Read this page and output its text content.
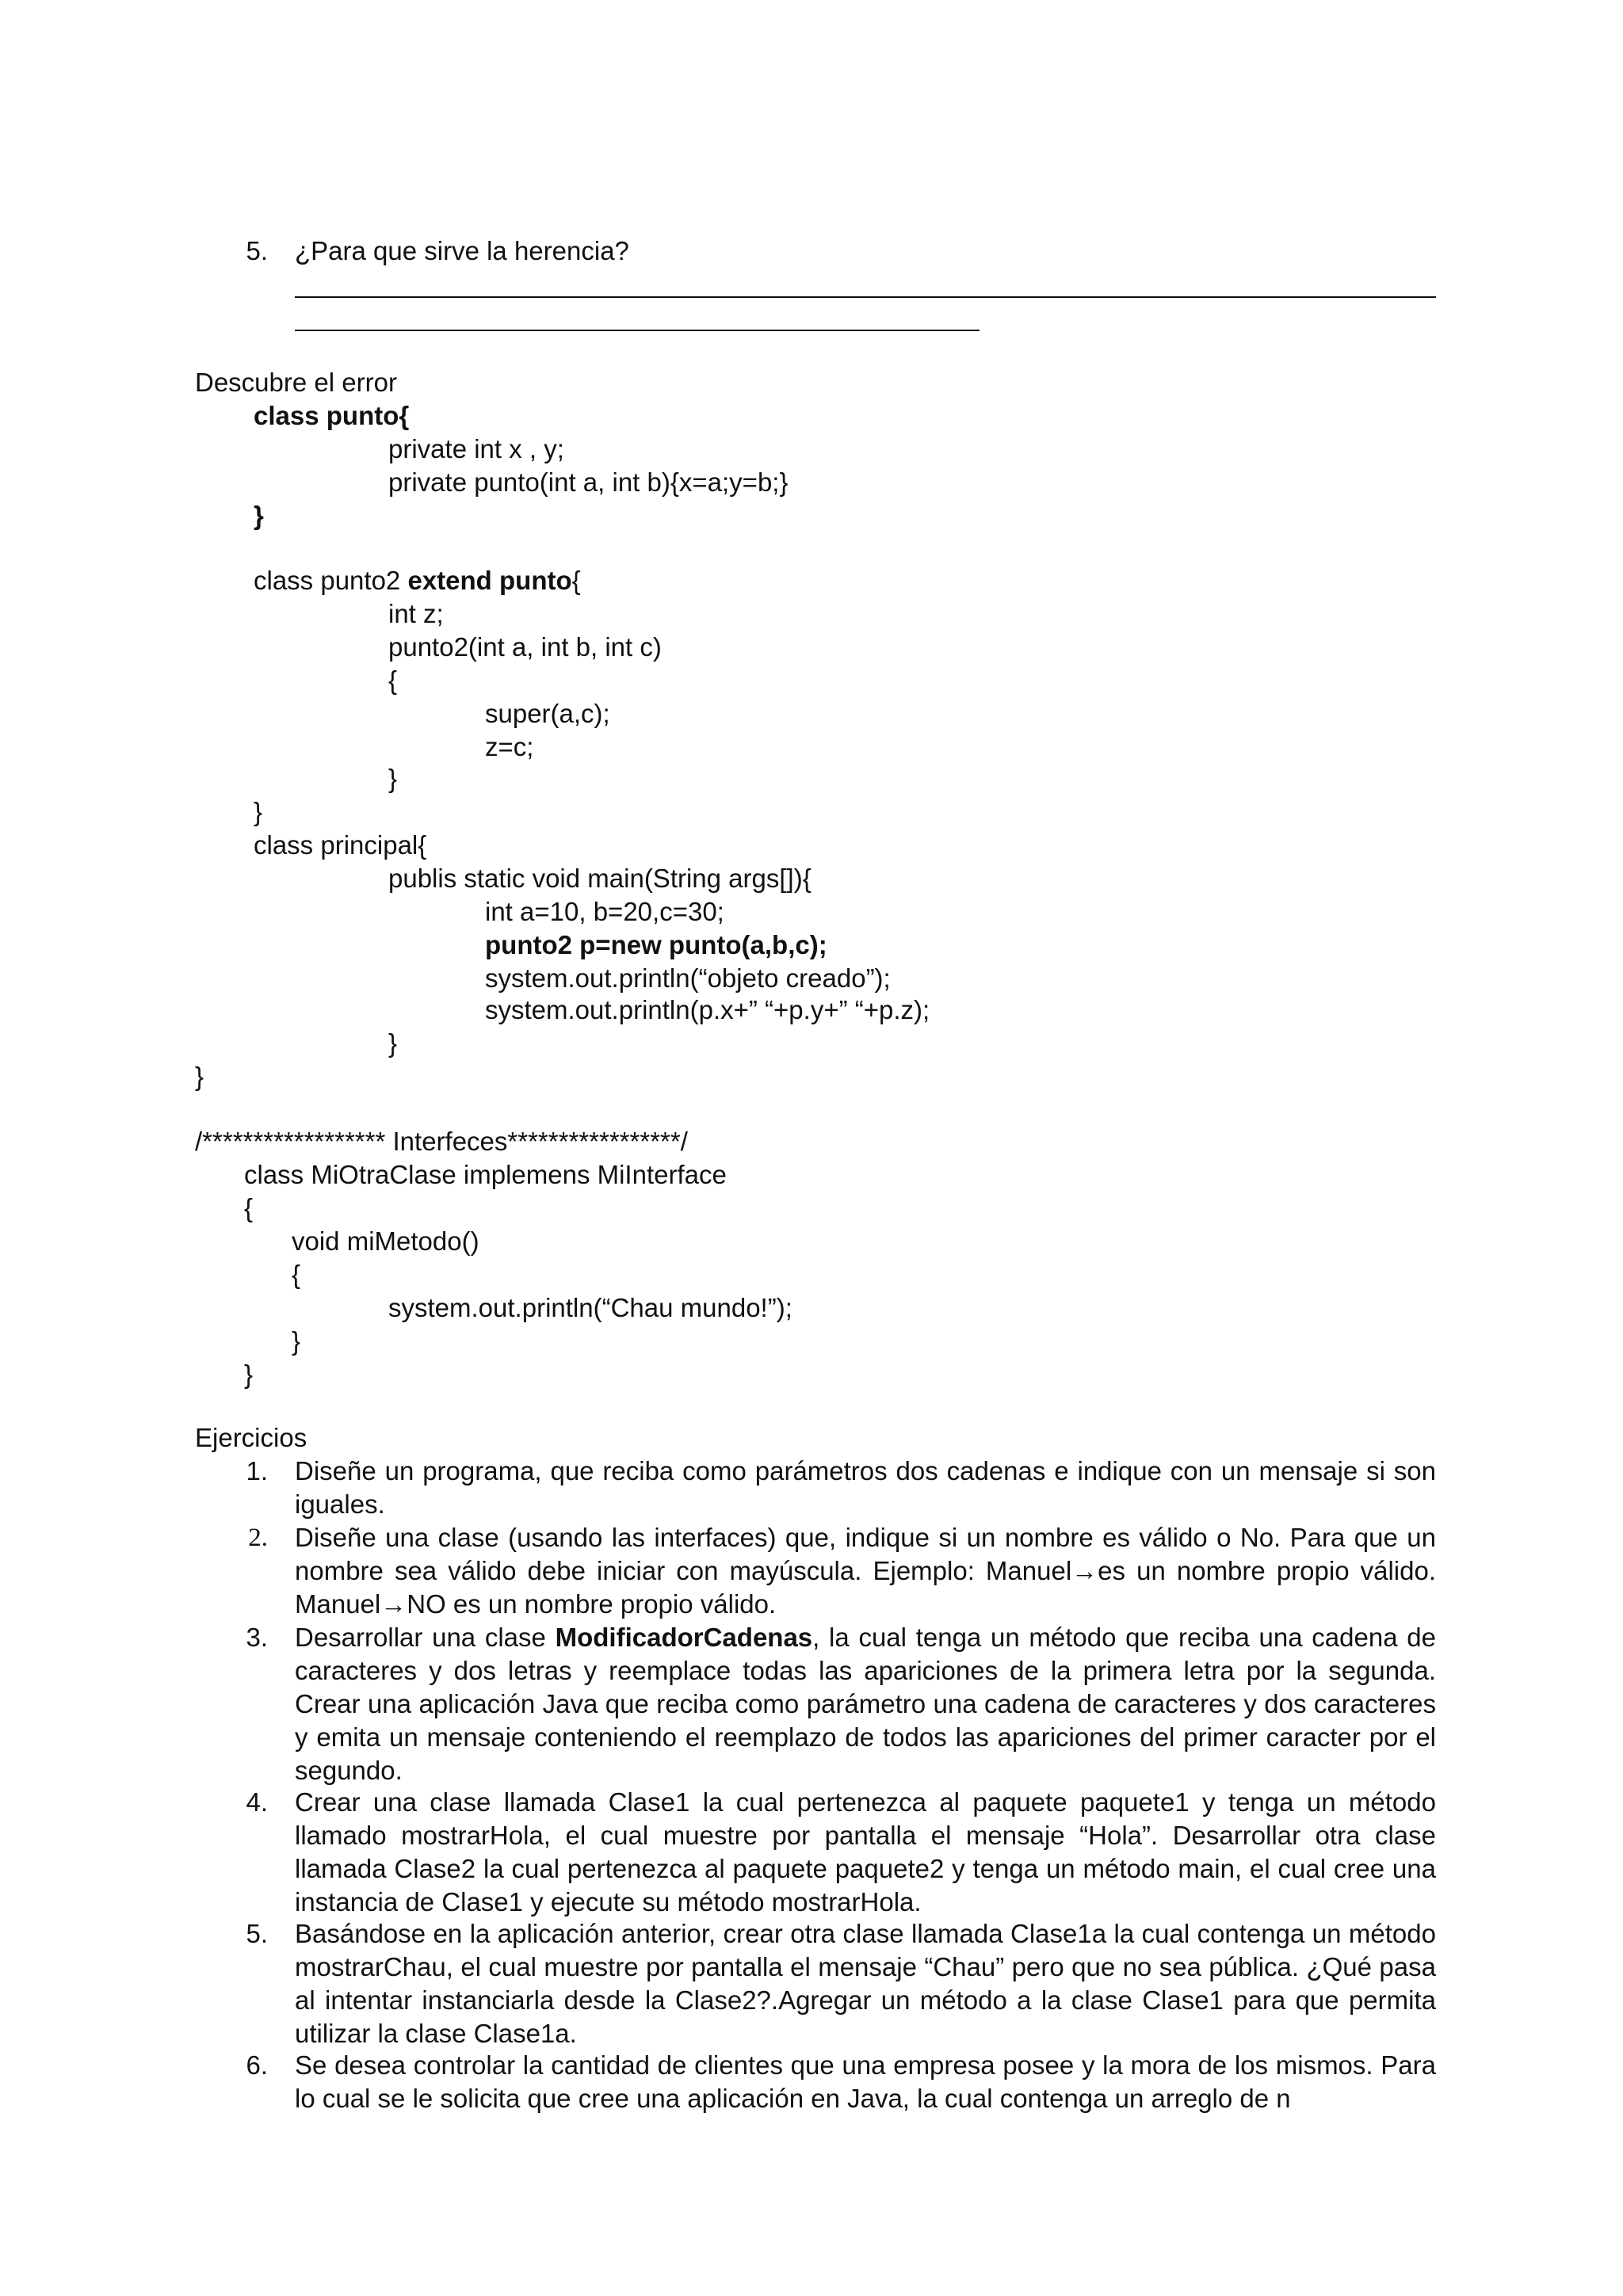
5. ¿Para que sirve la herencia?
Descubre el error
class punto{
private int x , y;
private punto(int a, int b){x=a;y=b;}
}
class punto2 extend punto{
int z;
punto2(int a, int b, int c)
{
super(a,c);
z=c;
}
}
class principal{
publis static void main(String args[]){
int a=10, b=20,c=30;
punto2 p=new punto(a,b,c);
system.out.println(“objeto creado”);
system.out.println(p.x+” “+p.y+” “+p.z);
}
}
/****************** Interfeces*****************/
class MiOtraClase implemens MiInterface
{
void miMetodo()
{
system.out.println(“Chau mundo!”);
}
}
Ejercicios
1. Diseñe un programa, que reciba como parámetros dos cadenas e indique con un mensaje si son iguales.
2. Diseñe una clase (usando las interfaces) que, indique si un nombre es válido o No. Para que un nombre sea válido debe iniciar con mayúscula. Ejemplo: Manuel→es un nombre propio válido. Manuel→NO es un nombre propio válido.
3. Desarrollar una clase ModificadorCadenas, la cual tenga un método que reciba una cadena de caracteres y dos letras y reemplace todas las apariciones de la primera letra por la segunda. Crear una aplicación Java que reciba como parámetro una cadena de caracteres y dos caracteres y emita un mensaje conteniendo el reemplazo de todos las apariciones del primer caracter por el segundo.
4. Crear una clase llamada Clase1 la cual pertenezca al paquete paquete1 y tenga un método llamado mostrarHola, el cual muestre por pantalla el mensaje “Hola”. Desarrollar otra clase llamada Clase2 la cual pertenezca al paquete paquete2 y tenga un método main, el cual cree una instancia de Clase1 y ejecute su método mostrarHola.
5. Basándose en la aplicación anterior, crear otra clase llamada Clase1a la cual contenga un método mostrarChau, el cual muestre por pantalla el mensaje “Chau” pero que no sea pública. ¿Qué pasa al intentar instanciarla desde la Clase2?.Agregar un método a la clase Clase1 para que permita utilizar la clase Clase1a.
6. Se desea controlar la cantidad de clientes que una empresa posee y la mora de los mismos. Para lo cual se le solicita que cree una aplicación en Java, la cual contenga un arreglo de n
